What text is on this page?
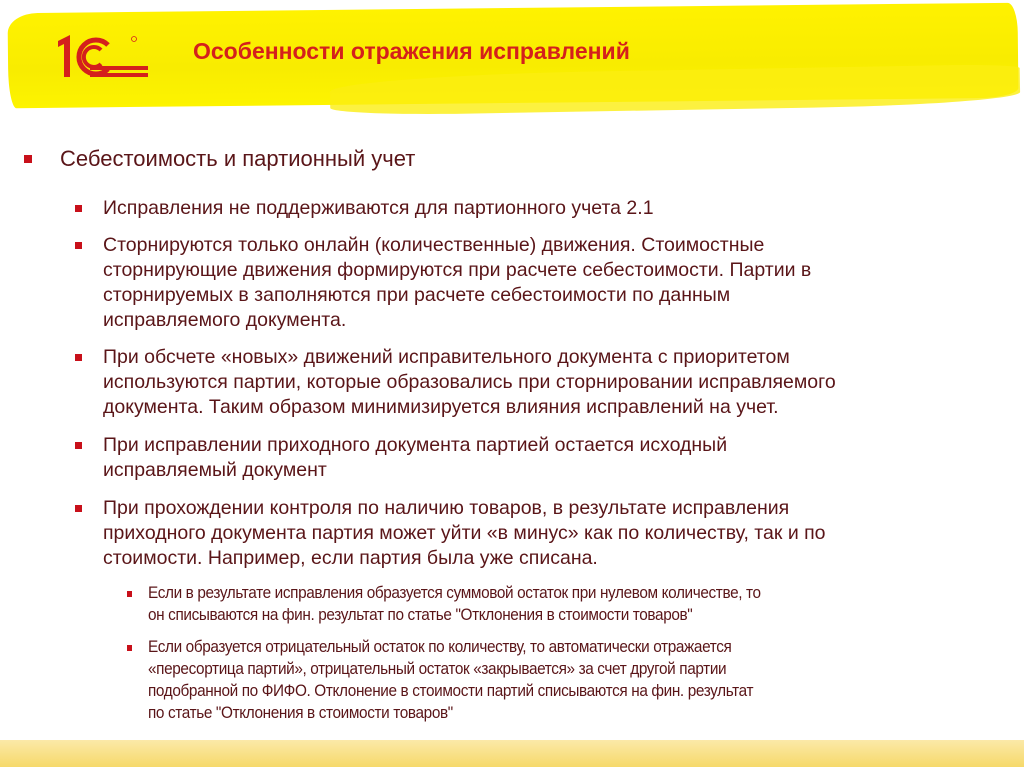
Особенности отражения исправлений
Себестоимость и партионный учет
Исправления не поддерживаются для партионного учета 2.1
Сторнируются только онлайн (количественные) движения. Стоимостные
сторнирующие движения формируются при расчете себестоимости. Партии в
сторнируемых в заполняются при расчете себестоимости по данным
исправляемого документа.
При обсчете «новых» движений исправительного документа с приоритетом
используются партии, которые образовались при сторнировании исправляемого
документа. Таким образом минимизируется влияния исправлений на учет.
При исправлении приходного документа партией остается исходный
исправляемый документ
При прохождении контроля по наличию товаров, в результате исправления
приходного документа партия может уйти «в минус» как по количеству, так и по
стоимости. Например, если партия была уже списана.
Если в результате исправления образуется суммовой остаток при нулевом количестве, то
он списываются на фин. результат по статье "Отклонения в стоимости товаров"
Если образуется отрицательный остаток по количеству, то автоматически отражается
«пересортица партий», отрицательный остаток «закрывается» за счет другой партии
подобранной по ФИФО. Отклонение в стоимости партий списываются на фин. результат
по статье "Отклонения в стоимости товаров"
